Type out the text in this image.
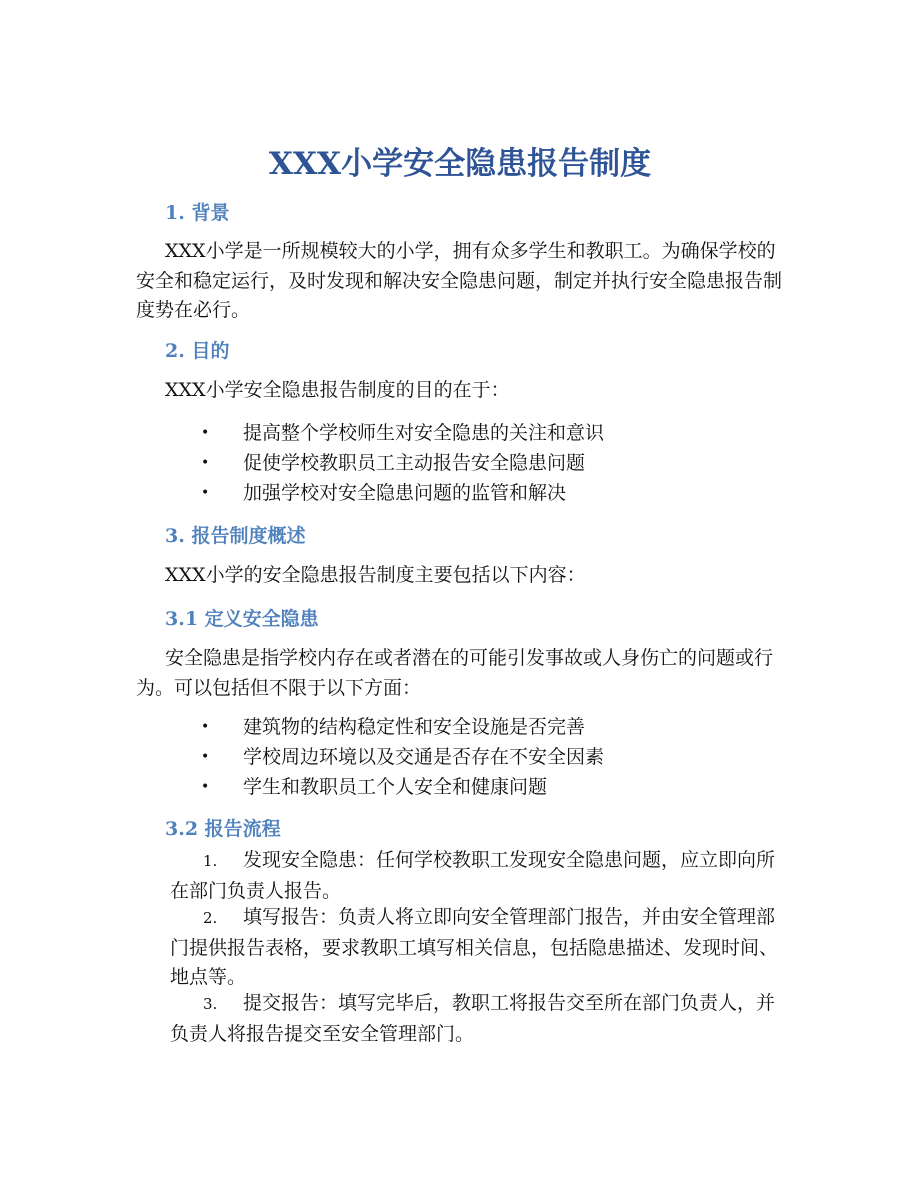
XXX小学安全隐患报告制度
1. 背景

XXX小学是一所规模较大的小学，拥有众多学生和教职工。为确保学校的安全和稳定运行，及时发现和解决安全隐患问题，制定并执行安全隐患报告制度势在必行。

2. 目的

XXX小学安全隐患报告制度的目的在于：

• 提高整个学校师生对安全隐患的关注和意识
• 促使学校教职员工主动报告安全隐患问题
• 加强学校对安全隐患问题的监管和解决
3. 报告制度概述

XXX小学的安全隐患报告制度主要包括以下内容：

3.1 定义安全隐患

安全隐患是指学校内存在或者潜在的可能引发事故或人身伤亡的问题或行为。可以包括但不限于以下方面：

• 建筑物的结构稳定性和安全设施是否完善
• 学校周边环境以及交通是否存在不安全因素
• 学生和教职员工个人安全和健康问题
3.2 报告流程

1. 发现安全隐患：任何学校教职工发现安全隐患问题，应立即向所在部门负责人报告。

2. 填写报告：负责人将立即向安全管理部门报告，并由安全管理部门提供报告表格，要求教职工填写相关信息，包括隐患描述、发现时间、地点等。

3. 提交报告：填写完毕后，教职工将报告交至所在部门负责人，并负责人将报告提交至安全管理部门。
